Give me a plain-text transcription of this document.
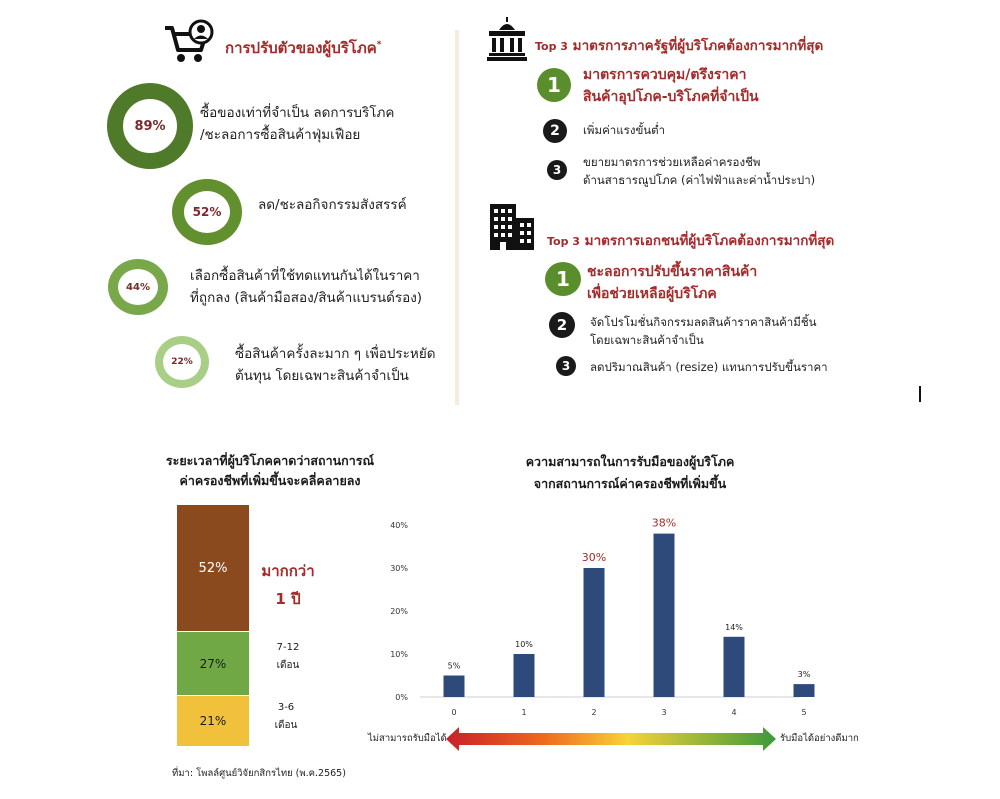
การปรับตัวของผู้บริโภค*
89%
ซื้อของเท่าที่จำเป็น ลดการบริโภค
/ชะลอการซื้อสินค้าฟุ่มเฟือย
52%	ลด/ชะลอกิจกรรมสังสรรค์
44%
เลือกซื้อสินค้าที่ใช้ทดแทนกันได้ในราคา
ที่ถูกลง (สินค้ามือสอง/สินค้าแบรนด์รอง)
22%	ซื้อสินค้าครั้งละมาก ๆ เพื่อประหยัด
ต้นทุน โดยเฉพาะสินค้าจำเป็น
Top 3 มาตรการภาครัฐที่ผู้บริโภคต้องการมากที่สุด
1 มาตรการควบคุม/ตรึงราคา
สินค้าอุปโภค-บริโภคที่จำเป็น
2 เพิ่มค่าแรงขั้นต่ำ
3
ขยายมาตรการช่วยเหลือค่าครองชีพ
ด้านสาธารณูปโภค (ค่าไฟฟ้าและค่าน้ำประปา)
Top 3 มาตรการเอกชนที่ผู้บริโภคต้องการมากที่สุด
1 ชะลอการปรับขึ้นราคาสินค้า
เพื่อช่วยเหลือผู้บริโภค
2 จัดโปรโมชั่นกิจกรรมลดสินค้าราคาสินค้ามีชิ้น
โดยเฉพาะสินค้าจำเป็น
3 ลดปริมาณสินค้า (resize) แทนการปรับขึ้นราคา
ระยะเวลาที่ผู้บริโภคคาดว่าสถานการณ์
ค่าครองชีพที่เพิ่มขึ้นจะคลี่คลายลง
52%
27%
21%
มากกว่า
1 ปี
7-12
เดือน
3-6
เดือน
ที่มา: โพลล์ศูนย์วิจัยกสิกรไทย (พ.ค.2565)
ความสามารถในการรับมือของผู้บริโภค
จากสถานการณ์ค่าครองชีพที่เพิ่มขึ้น
0%
10%
20%
30%
40%
5%
0
10%
1
30%
2
38%
3
14%
4
3%
5
ไม่สามารถรับมือได้	รับมือได้อย่างดีมาก
